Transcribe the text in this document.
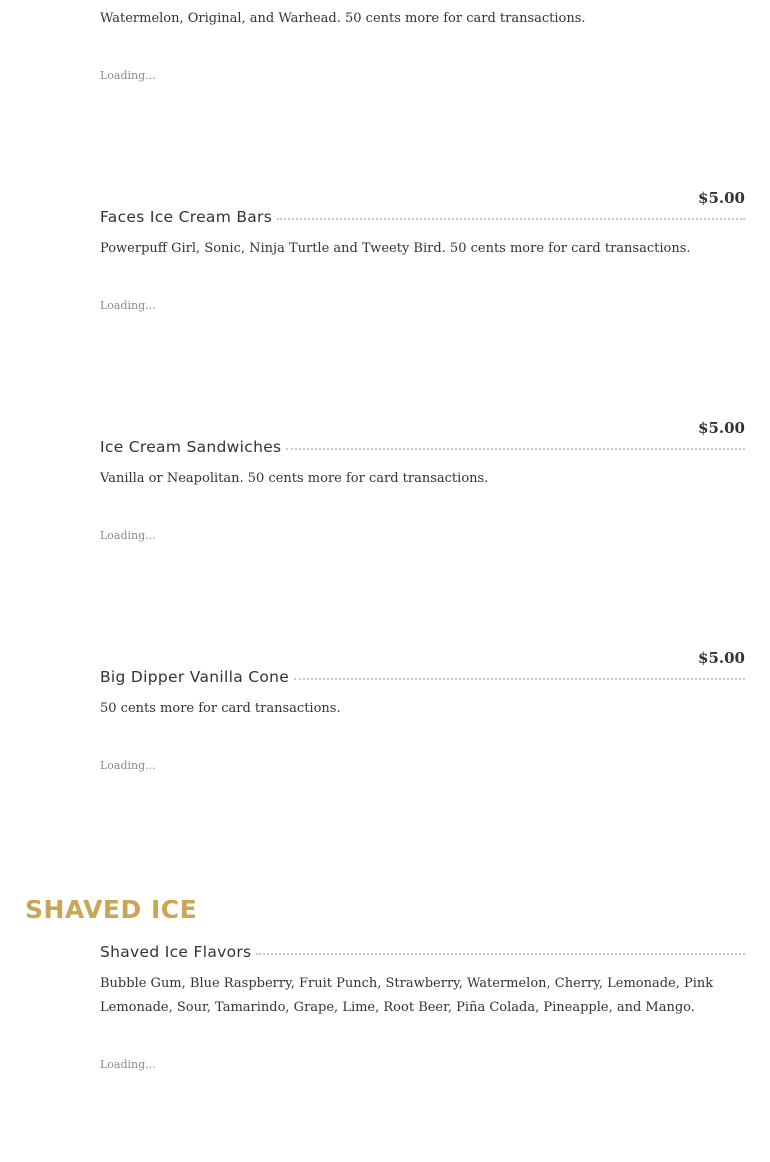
Watermelon, Original, and Warhead. 50 cents more for card transactions.
Loading...
$5.00
Faces Ice Cream Bars
Powerpuff Girl, Sonic, Ninja Turtle and Tweety Bird. 50 cents more for card transactions.
Loading...
$5.00
Ice Cream Sandwiches
Vanilla or Neapolitan. 50 cents more for card transactions.
Loading...
$5.00
Big Dipper Vanilla Cone
50 cents more for card transactions.
Loading...
SHAVED ICE
Shaved Ice Flavors
Bubble Gum, Blue Raspberry, Fruit Punch, Strawberry, Watermelon, Cherry, Lemonade, Pink Lemonade, Sour, Tamarindo, Grape, Lime, Root Beer, Piña Colada, Pineapple, and Mango.
Loading...
